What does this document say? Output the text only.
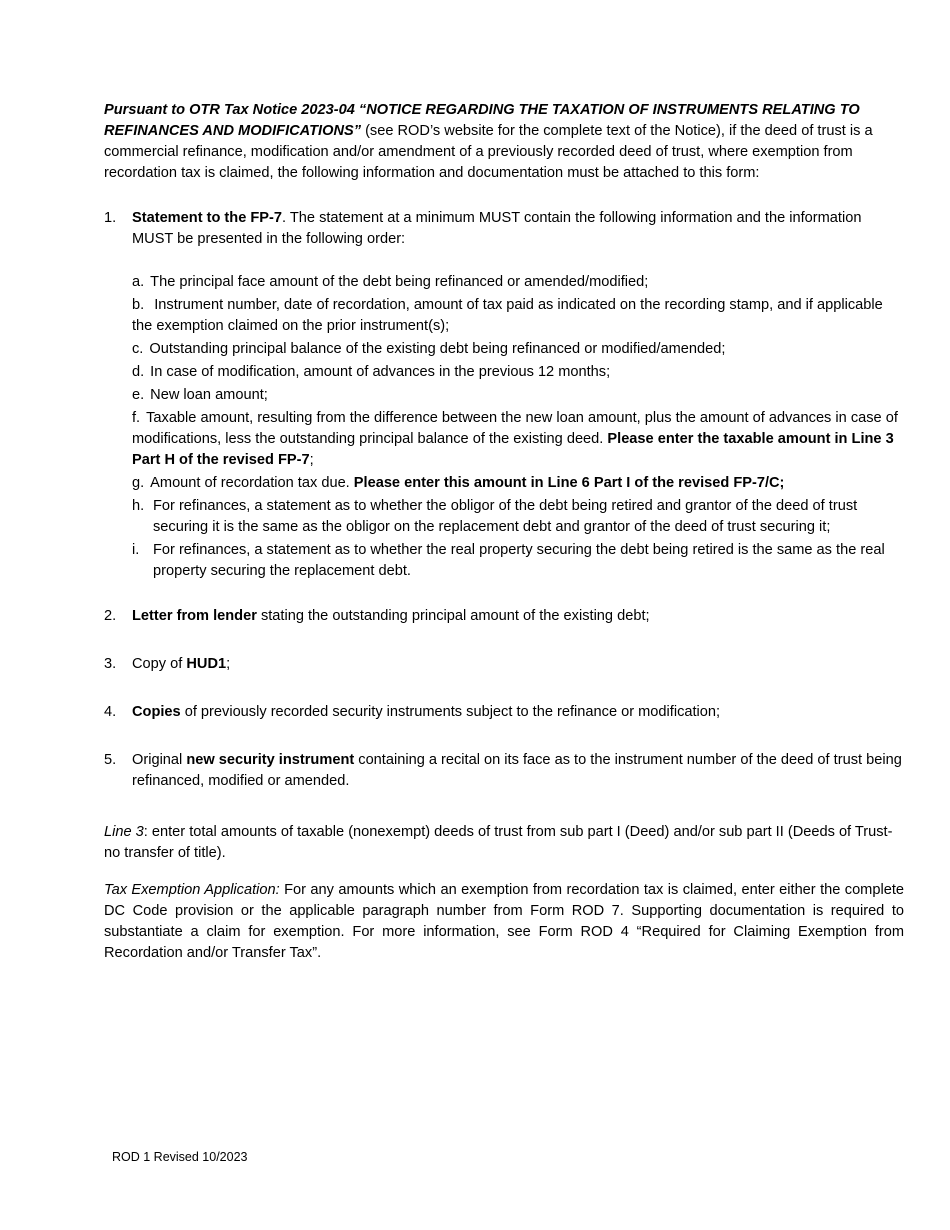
Pursuant to OTR Tax Notice 2023-04 “NOTICE REGARDING THE TAXATION OF INSTRUMENTS RELATING TO REFINANCES AND MODIFICATIONS” (see ROD’s website for the complete text of the Notice), if the deed of trust is a commercial refinance, modification and/or amendment of a previously recorded deed of trust, where exemption from recordation tax is claimed, the following information and documentation must be attached to this form:

1. Statement to the FP-7. The statement at a minimum MUST contain the following information and the information MUST be presented in the following order:
a. The principal face amount of the debt being refinanced or amended/modified;
b. Instrument number, date of recordation, amount of tax paid as indicated on the recording stamp, and if applicable the exemption claimed on the prior instrument(s);
c. Outstanding principal balance of the existing debt being refinanced or modified/amended;
d. In case of modification, amount of advances in the previous 12 months;
e. New loan amount;
f. Taxable amount, resulting from the difference between the new loan amount, plus the amount of advances in case of modifications, less the outstanding principal balance of the existing deed. Please enter the taxable amount in Line 3 Part H of the revised FP-7;
g. Amount of recordation tax due. Please enter this amount in Line 6 Part I of the revised FP-7/C;
h. For refinances, a statement as to whether the obligor of the debt being retired and grantor of the deed of trust securing it is the same as the obligor on the replacement debt and grantor of the deed of trust securing it;
i. For refinances, a statement as to whether the real property securing the debt being retired is the same as the real property securing the replacement debt.
2. Letter from lender stating the outstanding principal amount of the existing debt;
3. Copy of HUD1;
4. Copies of previously recorded security instruments subject to the refinance or modification;
5. Original new security instrument containing a recital on its face as to the instrument number of the deed of trust being refinanced, modified or amended.

Line 3: enter total amounts of taxable (nonexempt) deeds of trust from sub part I (Deed) and/or sub part II (Deeds of Trust-no transfer of title).

Tax Exemption Application: For any amounts which an exemption from recordation tax is claimed, enter either the complete DC Code provision or the applicable paragraph number from Form ROD 7. Supporting documentation is required to substantiate a claim for exemption. For more information, see Form ROD 4 “Required for Claiming Exemption from Recordation and/or Transfer Tax”.

ROD 1 Revised 10/2023
